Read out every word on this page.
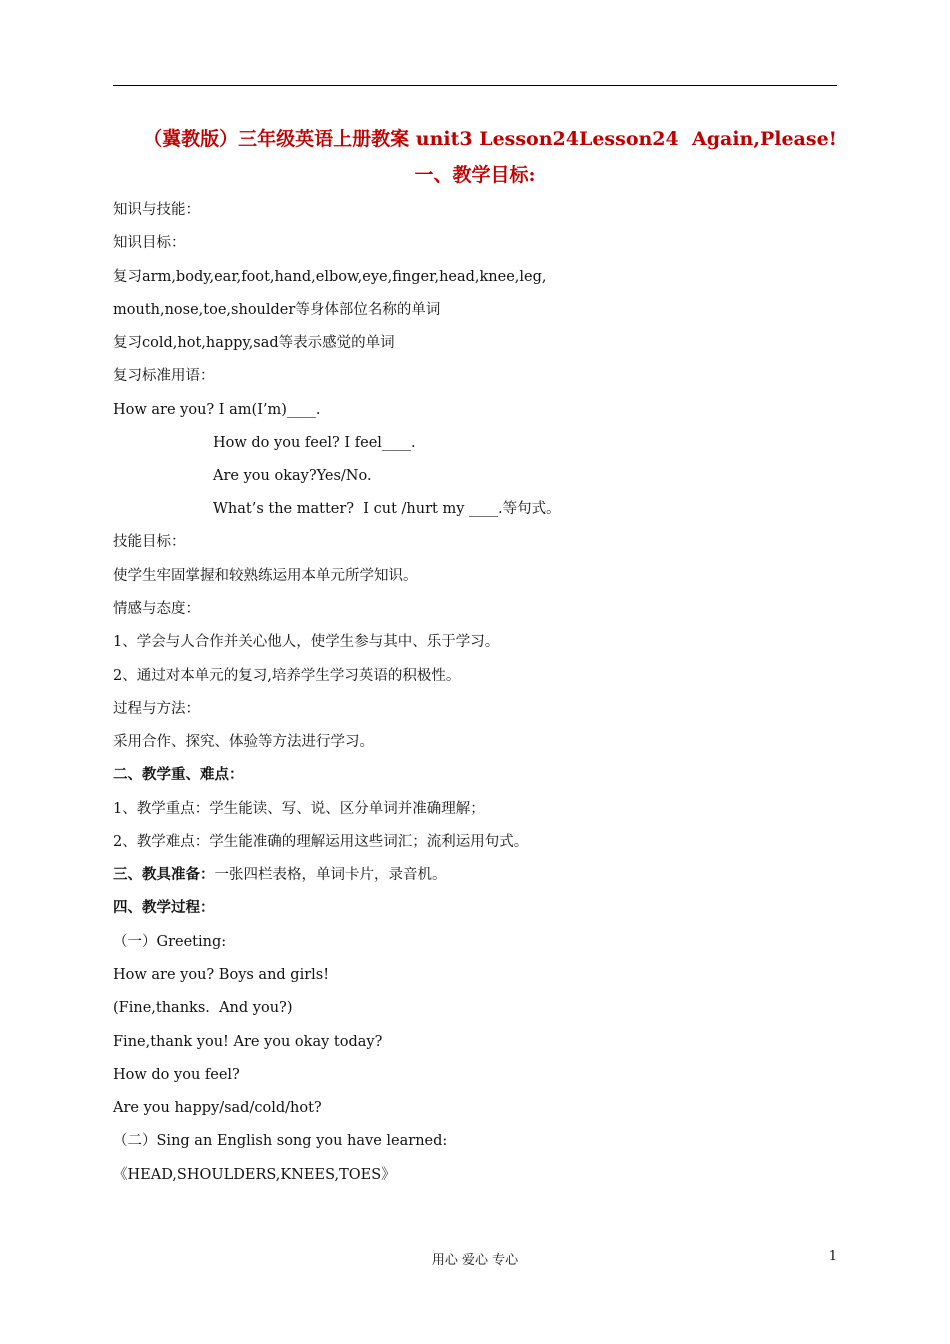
（冀教版）三年级英语上册教案 unit3 Lesson24Lesson24  Again,Please!
一、教学目标:
知识与技能：
知识目标：
复习arm,body,ear,foot,hand,elbow,eye,finger,head,knee,leg,
mouth,nose,toe,shoulder等身体部位名称的单词
复习cold,hot,happy,sad等表示感觉的单词
复习标准用语：
How are you? I am(I’m)____.
How do you feel? I feel____.
Are you okay?Yes/No.
What’s the matter?  I cut /hurt my ____.等句式。
技能目标：
使学生牢固掌握和较熟练运用本单元所学知识。
情感与态度：
1、学会与人合作并关心他人，使学生参与其中、乐于学习。
2、通过对本单元的复习,培养学生学习英语的积极性。
过程与方法：
采用合作、探究、体验等方法进行学习。
二、教学重、难点：
1、教学重点：学生能读、写、说、区分单词并准确理解；
2、教学难点：学生能准确的理解运用这些词汇；流利运用句式。
三、教具准备：一张四栏表格，单词卡片，录音机。
四、教学过程：
（一）Greeting:
How are you? Boys and girls!
(Fine,thanks.  And you?)
Fine,thank you! Are you okay today?
How do you feel?
Are you happy/sad/cold/hot?
（二）Sing an English song you have learned:
《HEAD,SHOULDERS,KNEES,TOES》
用心 爱心 专心	1
